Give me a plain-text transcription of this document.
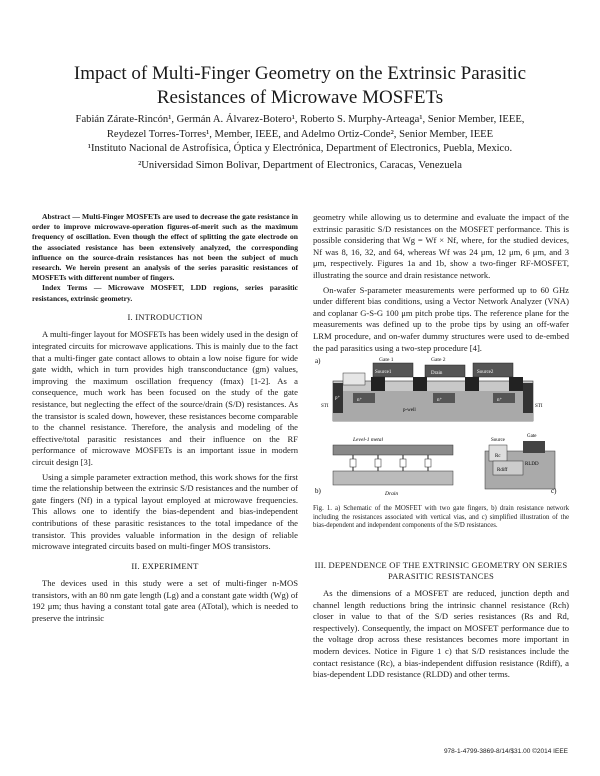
Impact of Multi-Finger Geometry on the Extrinsic Parasitic
Resistances of Microwave MOSFETs
Fabián Zárate-Rincón¹, Germán A. Álvarez-Botero¹, Roberto S. Murphy-Arteaga¹, Senior Member, IEEE,
Reydezel Torres-Torres¹, Member, IEEE, and Adelmo Ortiz-Conde², Senior Member, IEEE
¹Instituto Nacional de Astrofísica, Óptica y Electrónica, Department of Electronics, Puebla, Mexico.
²Universidad Simon Bolivar, Department of Electronics, Caracas, Venezuela

Abstract — Multi-Finger MOSFETs are used to decrease the gate resistance in order to improve microwave-operation figures-of-merit such as the maximum frequency of oscillation. Even though the effect of splitting the gate electrode on the associated resistance has been extensively analyzed, the corresponding influence on the source-drain resistances has not been the subject of much research. We herein present an analysis of the series parasitic resistances of MOSFETs with different number of fingers.

Index Terms — Microwave MOSFET, LDD regions, series parasitic resistances, extrinsic geometry.

I. INTRODUCTION

A multi-finger layout for MOSFETs has been widely used in the design of integrated circuits for microwave applications. This is mainly due to the fact that a multi-finger gate contact allows to obtain a low noise figure for wide gate width, which in turn provides high transconductance (gm) values, improving the maximum oscillation frequency (fmax) [1-2]. As a consequence, much work has been focused on the study of the gate resistance, but neglecting the effect of the source/drain (S/D) resistances. As the transistor is scaled down, however, these resistances become comparable to the channel resistance. Therefore, the analysis and modeling of the effective/total parasitic resistances and their influence on the RF performance of microwave MOSFETs is an important issue in modern circuit design [3].

Using a simple parameter extraction method, this work shows for the first time the relationship between the extrinsic S/D resistances and the number of gate fingers (Nf) in a typical layout employed at microwave frequencies. This allows one to identify the bias-dependent and bias-independent contributions of these parasitic resistances to the total impedance of the transistor. This provides valuable information in the design of reliable microwave integrated circuits based on multi-finger MOS transistors.

II. EXPERIMENT

The devices used in this study were a set of multi-finger n-MOS transistors, with an 80 nm gate length (Lg) and a constant gate width (Wg) of 192 μm; thus having a constant total gate area (ATotal), which is needed to preserve the intrinsic

geometry while allowing us to determine and evaluate the impact of the extrinsic parasitic S/D resistances on the MOSFET performance. This is possible considering that Wg = Wf × Nf, where, for the studied devices, Nf was 8, 16, 32, and 64, whereas Wf was 24 μm, 12 μm, 6 μm, and 3 μm, respectively. Figures 1a and 1b, show a two-finger RF-MOSFET, illustrating the source and drain resistance network.

On-wafer S-parameter measurements were performed up to 60 GHz under different bias conditions, using a Vector Network Analyzer (VNA) and coplanar G-S-G 100 μm pitch probe tips. The reference plane for the measurements was defined up to the probe tips by using an off-wafer LRM procedure, and on-wafer dummy structures were used to de-embed the pad parasitics using a two-step procedure [4].

a)	Gate 1	Gate 2
Source1	Drain	Source2
STI	STI
p-well
n⁺	n⁺	n⁺
p⁺
b)
Level-1 metal
Drain	c)
Source
Gate
Rc
Rdiff
RLDD
Fig. 1. a) Schematic of the MOSFET with two gate fingers, b) drain resistance network including the resistances associated with vertical vias, and c) simplified illustration of the bias-dependent and independent components of the S/D resistances.
III. DEPENDENCE OF THE EXTRINSIC GEOMETRY ON SERIES
PARASITIC RESISTANCES

As the dimensions of a MOSFET are reduced, junction depth and channel length reductions bring the intrinsic channel resistance (Rch) closer in value to that of the S/D series resistances (Rs and Rd, respectively). Consequently, the impact on MOSFET performance due to the voltage drop across these resistances becomes more important in modern devices. Notice in Figure 1 c) that S/D resistances include the contact resistance (Rc), a bias-independent diffusion resistance (Rdiff), a bias-dependent LDD resistance (RLDD) and other terms.

978-1-4799-3869-8/14/$31.00 ©2014 IEEE
